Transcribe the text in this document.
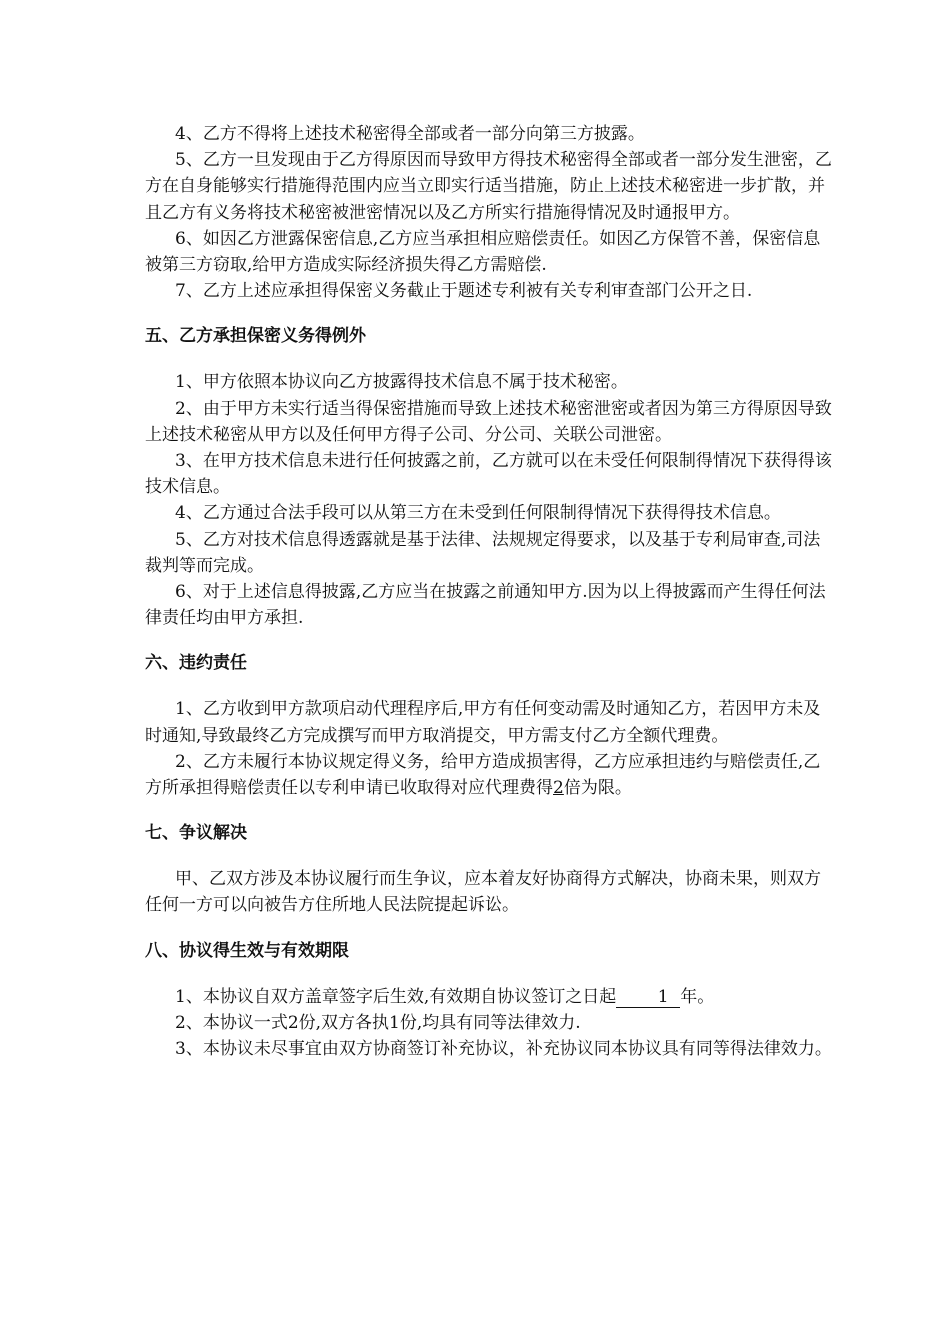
4、乙方不得将上述技术秘密得全部或者一部分向第三方披露。

5、乙方一旦发现由于乙方得原因而导致甲方得技术秘密得全部或者一部分发生泄密，乙方在自身能够实行措施得范围内应当立即实行适当措施，防止上述技术秘密进一步扩散，并且乙方有义务将技术秘密被泄密情况以及乙方所实行措施得情况及时通报甲方。

6、如因乙方泄露保密信息,乙方应当承担相应赔偿责任。如因乙方保管不善，保密信息被第三方窃取,给甲方造成实际经济损失得乙方需赔偿.

7、乙方上述应承担得保密义务截止于题述专利被有关专利审查部门公开之日.

五、乙方承担保密义务得例外

1、甲方依照本协议向乙方披露得技术信息不属于技术秘密。

2、由于甲方未实行适当得保密措施而导致上述技术秘密泄密或者因为第三方得原因导致上述技术秘密从甲方以及任何甲方得子公司、分公司、关联公司泄密。

3、在甲方技术信息未进行任何披露之前，乙方就可以在未受任何限制得情况下获得得该技术信息。

4、乙方通过合法手段可以从第三方在未受到任何限制得情况下获得得技术信息。

5、乙方对技术信息得透露就是基于法律、法规规定得要求，以及基于专利局审查,司法裁判等而完成。

6、对于上述信息得披露,乙方应当在披露之前通知甲方.因为以上得披露而产生得任何法律责任均由甲方承担.

六、违约责任

1、乙方收到甲方款项启动代理程序后,甲方有任何变动需及时通知乙方，若因甲方未及时通知,导致最终乙方完成撰写而甲方取消提交，甲方需支付乙方全额代理费。

2、乙方未履行本协议规定得义务，给甲方造成损害得，乙方应承担违约与赔偿责任,乙方所承担得赔偿责任以专利申请已收取得对应代理费得2倍为限。

七、争议解决

甲、乙双方涉及本协议履行而生争议，应本着友好协商得方式解决，协商未果，则双方任何一方可以向被告方住所地人民法院提起诉讼。

八、协议得生效与有效期限

1、本协议自双方盖章签字后生效,有效期自协议签订之日起 1 年。

2、本协议一式2份,双方各执1份,均具有同等法律效力.

3、本协议未尽事宜由双方协商签订补充协议，补充协议同本协议具有同等得法律效力。
